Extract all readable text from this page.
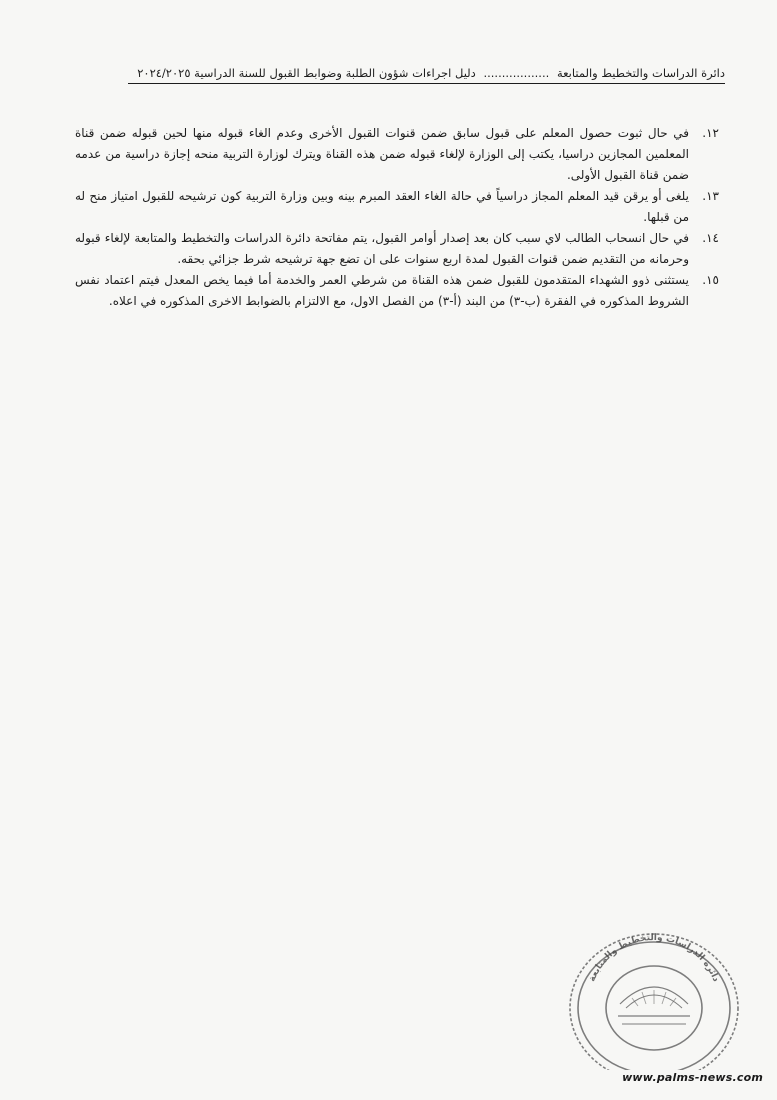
دائرة الدراسات والتخطيط والمتابعة .................. دليل اجراءات شؤون الطلبة وضوابط القبول للسنة الدراسية ٢٠٢٤/٢٠٢٥
١٢.
في حال ثبوت حصول المعلم على قبول سابق ضمن قنوات القبول الأخرى وعدم الغاء قبوله منها لحين قبوله ضمن قناة المعلمين المجازين دراسيا، يكتب إلى الوزارة لإلغاء قبوله ضمن هذه القناة ويترك لوزارة التربية منحه إجازة دراسية من عدمه ضمن قناة القبول الأولى.
١٣.
يلغى أو يرقن قيد المعلم المجاز دراسياً في حالة الغاء العقد المبرم بينه وبين وزارة التربية كون ترشيحه للقبول امتياز منح له من قبلها.
١٤.
في حال انسحاب الطالب لاي سبب كان بعد إصدار أوامر القبول، يتم مفاتحة دائرة الدراسات والتخطيط والمتابعة لإلغاء قبوله وحرمانه من التقديم ضمن قنوات القبول لمدة اربع سنوات على ان تضع جهة ترشيحه شرط جزائي بحقه.
١٥.
يستثنى ذوو الشهداء المتقدمون للقبول ضمن هذه القناة من شرطي العمر والخدمة أما فيما يخص المعدل فيتم اعتماد نفس الشروط المذكوره في الفقرة (ب-٣) من البند (أ-٣) من الفصل الاول، مع الالتزام بالضوابط الاخرى المذكوره في اعلاه.
دائرة الدراسات والتخطيط والمتابعة
www.palms-news.com
